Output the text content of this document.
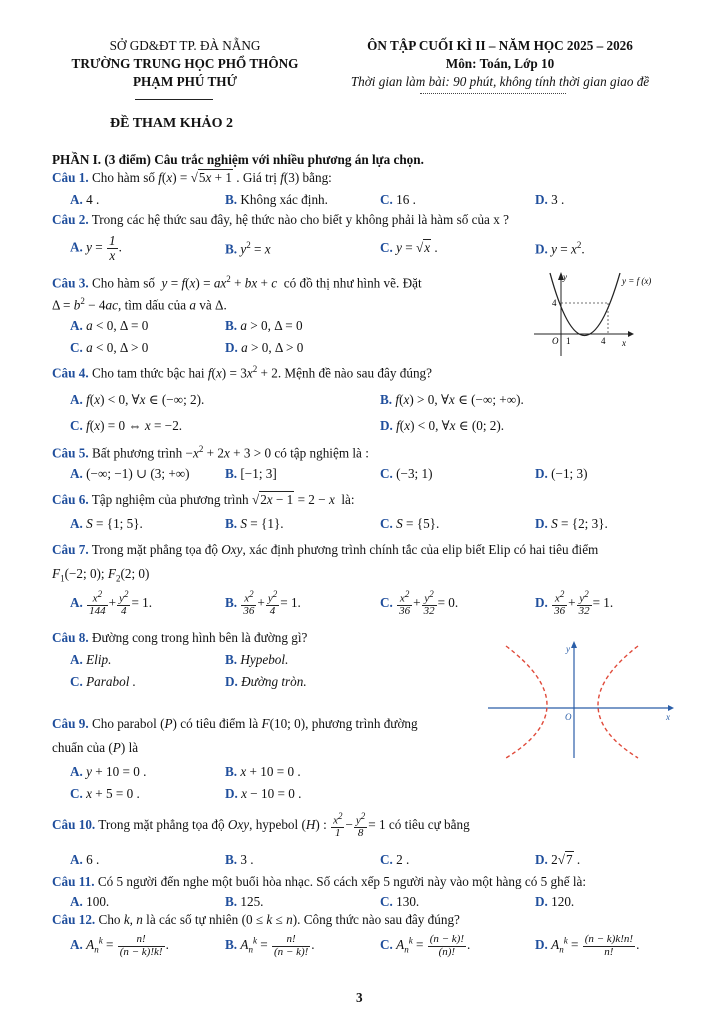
SỞ GD&ĐT TP. ĐÀ NẴNG
TRƯỜNG TRUNG HỌC PHỔ THÔNG
PHẠM PHÚ THỨ
ÔN TẬP CUỐI KÌ II – NĂM HỌC 2025 – 2026
Môn: Toán, Lớp 10
Thời gian làm bài: 90 phút, không tính thời gian giao đề
ĐỀ THAM KHẢO 2
PHẦN I. (3 điểm) Câu trắc nghiệm với nhiều phương án lựa chọn.
Câu 1. Cho hàm số f(x) = √5x + 1 . Giá trị f(3) bằng:
A. 4 .	B. Không xác định.	C. 16 .	D. 3 .
Câu 2. Trong các hệ thức sau đây, hệ thức nào cho biết y không phải là hàm số của x ?
A. $y = \frac{1}{x}$ .	B. $y^2 = x$	C. y = √x .	D. $y = x^2$.
Câu 3. Cho hàm số $y = f(x) = ax^2$ + bx + c có đồ thị như hình vẽ. Đặt
$\Delta = b^2 - 4ac$, tìm dấu của a và Δ.
A. a < 0, Δ = 0	B. a > 0, Δ = 0
C. a < 0, Δ > 0	D. a > 0, Δ > 0
y
x
O 1	4
4
y = f (x)
Câu 4. Cho tam thức bậc hai $f(x) = 3x^2 + 2$. Mệnh đề nào sau đây đúng?
A. f(x) < 0, ∀x ∈ (−∞; 2).	B. f(x) > 0, ∀x ∈ (−∞; +∞).
C. f(x) = 0 ⇔ x = −2.	D. f(x) < 0, ∀x ∈ (0; 2).
Câu 5. Bất phương trình $-x^2 + 2x + 3 > 0$ có tập nghiệm là :
A. (−∞; −1) ∪ (3; +∞)	B. [−1; 3]	C. (−3; 1)	D. (−1; 3)
Câu 6. Tập nghiệm của phương trình √2x − 1 = 2 − x là:
A. S = {1; 5}.	B. S = {1}.	C. S = {5}.	D. S = {2; 3}.
Câu 7. Trong mặt phẳng tọa độ Oxy, xác định phương trình chính tắc của elip biết Elip có hai tiêu điểm
$F_1(-2$; 0); $F_2(2$; 0)
A. $\frac{x^2}{144} + \frac{y^2}{4} = 1$.	B. $\frac{x^2}{36} + \frac{y^2}{4} = 1$.	C. $\frac{x^2}{36} + \frac{y^2}{32} = 0$.	D. $\frac{x^2}{36} + \frac{y^2}{32} = 1$.
Câu 8. Đường cong trong hình bên là đường gì?
A. Elip.	B. Hypebol.
C. Parabol .	D. Đường tròn.
y
x
O
Câu 9. Cho parabol (P) có tiêu điểm là F(10; 0), phương trình đường
chuẩn của (P) là
A. y + 10 = 0 .	B. x + 10 = 0 .
C. x + 5 = 0 .	D. x − 10 = 0 .
Câu 10. Trong mặt phẳng tọa độ Oxy, hypebol (H) : $\frac{x^2}{1} - \frac{y^2}{8} = 1$ có tiêu cự bằng
A. 6 .	B. 3 .	C. 2 .	D. 2√7 .
Câu 11. Có 5 người đến nghe một buổi hòa nhạc. Số cách xếp 5 người này vào một hàng có 5 ghế là:
A. 100.	B. 125.	C. 130.	D. 120.
Câu 12. Cho k, n là các số tự nhiên (0 ≤ k ≤ n). Công thức nào sau đây đúng?
A. $A_n^k = \frac{n!}{(n - k)!k!}$ .	B. $A_n^k = \frac{n!}{(n - k)!}$ .	C. $A_n^k = \frac{(n - k)!}{(n)!}$ .	D. $A_n^k = \frac{(n - k)k!n!}{n!}$ .
3
